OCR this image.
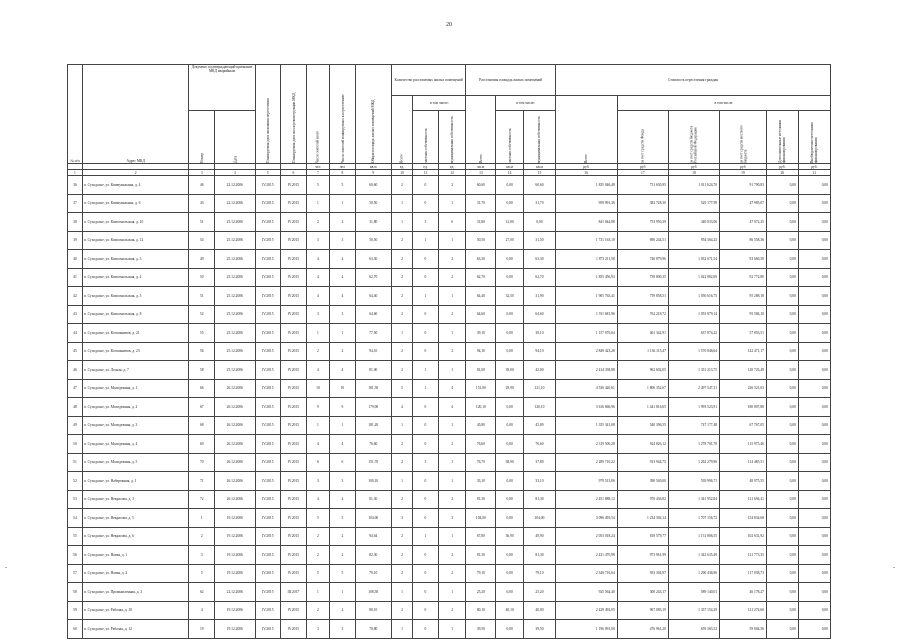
20
-	-
№ п/п	Адрес МКД	Документ, подтверждающий признание МКД аварийным		Планируемая дата окончания переселения	Планируемая дата сноса/реконструкции МКД	Число жителей всего	Число жителей планируемых к переселению	Общая площадь жилых помещений МКД	Количество расселяемых жилых помещений			Расселяемая площадь жилых помещений			Стоимость переселения граждан					
									Всего	в том числе:		Всего	в том числе:		Всего	в том числе:				
		Номер	Дата							частная собственность	муниципальная собственность		частная собственность	муниципальная собственность		за счет средств Фонда	за счет средств бюджета Российской Федерации	за счет средств местного бюджета	Дополнительные источники финансирования	Внебюджетные источники финансирования
						чел	чел	кв.м	ед.	ед.	ед.	кв.м	кв.м	кв.м	руб.	руб	руб	руб	руб.	руб.
1	2	3	4	5	6	7	8	9	10	11	12	13	14	15	16	17	18	19	20	21
36	п. Суходолье, ул. Коммунальная, д. 4	46	22.12.2006	IV.2015	IV.2015	5	5	60,60	2	0	2	60,60	0,00	60,60	1 835 046,48	731 630,95	1 011 624,70	91 790,83	0,00	0,00
37	п. Суходолье, ул. Коммунальная, д. 6	43	22.12.2006	IV.2015	IV.2015	1	1	50,50	1	0	1	31,70	0,00	31,70	959 991,36	382 728,30	529 177,99	47 985,07	0,00	0,00
38	п. Суходолье, ул. Комсомольская, д. 10	51	25.12.2006	IV.2015	IV.2015	2	2	31,80	1	1	0	31,80	31,80	0,00	841 044,88	753 950,39	340 033,06	47 072,25	0,00	0,00
39	п. Суходолье, ул. Комсомольская, д. 12	54	25.12.2006	IV.2015	IV.2015	3	3	50,50	2	1	1	50,50	27,00	31,50	1 731 163,10	690 244,51	954 364,23	86 558,36	0,00	0,00
40	п. Суходолье, ул. Комсомольская, д. 3	49	25.12.2006	IV.2015	IV.2015	4	4	63,30	2	0	2	63,30	0,00	63,30	1 873 211,58	746 879,96	1 032 671,54	93 660,58	0,00	0,00
41	п. Суходолье, ул. Комсомольская, д. 4	50	25.12.2006	IV.2015	IV.2015	4	4	62,70	2	0	2	62,70	0,00	62,70	1 855 456,93	739 800,35	1 022 882,69	92 772,80	0,00	0,00
42	п. Суходолье, ул. Комсомольская, д. 5	51	25.12.2006	IV.2015	IV.2015	4	4	64,40	2	1	1	64,40	32,50	31,90	1 905 763,41	759 858,51	1 050 616,75	95 288,18	0,00	0,00
43	п. Суходолье, ул. Комсомольская, д. 8	52	25.12.2006	IV.2015	IV.2015	3	3	64,60	2	0	2	64,60	0,00	64,60	1 911 681,96	762 218,72	1 053 879,14	95 584,10	0,00	0,00
44	п. Суходолье, ул. Космонавтов, д. 21	55	25.12.2006	IV.2015	IV.2015	1	1	77,50	1	0	1	39,10	0,00	39,10	1 157 070,64	461 342,91	637 874,22	57 853,51	0,00	0,00
45	п. Суходолье, ул. Космонавтов, д. 23	56	25.12.2006	IV.2015	IV.2015	2	2	94,10	2	0	2	94,10	0,00	94,10	2 849 423,28	1 136 115,47	1 570 846,64	142 471,17	0,00	0,00
46	п. Суходолье, ул. Лесная, д. 7	58	25.12.2006	IV.2015	IV.2015	4	4	81,00	2	1	1	81,00	39,00	42,00	2 414 338,88	962 602,05	1 331 213,75	120 723,49	0,00	0,00
47	п. Суходолье, ул. Молодежная, д. 1	66	26.12.2006	IV.2015	IV.2015	10	10	181,50	5	1	4	151,00	29,90	121,10	4 530 420,61	1 806 352,67	2 497 547,31	226 521,03	0,00	0,00
48	п. Суходолье, ул. Молодежная, д. 2	67	26.12.2006	IV.2015	IV.2015	9	9	179,90	4	0	4	120,10	0,00	120,10	3 616 666,96	1 441 816,65	1 993 523,91	180 807,88	0,00	0,00
49	п. Суходолье, ул. Молодежная, д. 3	68	26.12.2006	IV.2015	IV.2015	1	1	181,20	1	0	1	45,80	0,00	45,80	1 355 341,08	540 396,55	747 177,48	67 767,05	0,00	0,00
50	п. Суходолье, ул. Молодежная, д. 4	69	26.12.2006	IV.2015	IV.2015	4	4	76,60	2	0	2	76,60	0,00	76,60	2 319 500,28	924 826,12	1 278 701,70	115 975,46	0,00	0,00
51	п. Суходолье, ул. Молодежная, д. 5	70	26.12.2006	IV.2015	IV.2015	6	6	151,70	2	1	1	76,70	38,90	37,80	2 289 710,22	913 944,75	1 262 279,96	114 485,51	0,00	0,00
52	п. Суходолье, ул. Набережная, д. 1	71	26.12.2006	IV.2015	IV.2015	3	3	100,10	1	0	1	33,10	0,00	33,10	979 513,06	390 540,00	539 996,71	48 975,55	0,00	0,00
53	п. Суходолье, ул. Некрасова, д. 3	72	26.12.2006	IV.2015	IV.2015	4	4	81,30	2	0	2	81,30	0,00	81,30	2 451 888,12	976 436,82	1 341 952,84	121 694,41	0,00	0,00
54	п. Суходолье, ул. Некрасова, д. 5	1	19.12.2006	IV.2015	IV.2015	5	5	104,00	3	0	3	104,00	0,00	104,00	3 096 493,54	1 234 302,14	1 707 156,72	154 834,68	0,00	0,00
55	п. Суходолье, ул. Некрасова, д. 6	2	19.12.2006	IV.2015	IV.2015	2	2	94,64	2	1	1	67,80	36,90	49,90	2 053 018,24	818 579,77	1 131 806,55	102 631,92	0,00	0,00
56	п. Суходолье, ул. Новая, д. 1	3	19.12.2006	IV.2015	IV.2015	2	2	82,30	2	0	2	81,30	0,00	81,30	2 431 470,98	973 961,99	1 342 635,49	121 773,35	0,00	0,00
57	п. Суходолье, ул. Новая, д. 2	5	19.12.2006	IV.2015	IV.2015	5	5	79,10	2	0	2	79,10	0,00	79,10	2 340 716,64	933 304,97	1 290 436,96	117 038,73	0,00	0,00
58	п. Суходолье, ул. Промышленная, д. 3	62	22.12.2006	IV.2015	III.2017	1	1	108,50	1	0	1	25,20	0,00	25,20	925 564,40	300 243,17	589 140,01	46 178,27	0,00	0,00
59	п. Суходолье, ул. Рабочая, д. 10	4	19.12.2006	IV.2015	IV.2015	2	2	80,10	2	0	2	80,10	40,10	40,00	2 429 492,05	967 083,19	1 337 154,29	121 274,60	0,00	0,00
60	п. Суходолье, ул. Рабочая, д. 12	19	19.12.2006	IV.2015	IV.2015	3	3	78,80	1	0	1	39,50	0,00	39,50	1 196 091,00	476 961,20	659 363,52	59 804,56	0,00	0,00
